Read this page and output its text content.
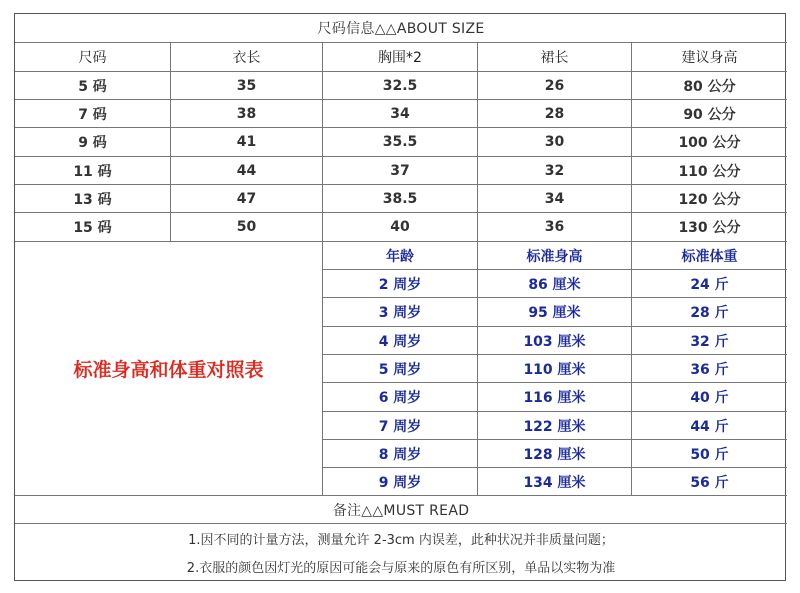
尺码信息△△ABOUT SIZE
尺码	衣长	胸围*2	裙长	建议身高
5 码	35	32.5	26	80 公分
7 码	38	34	28	90 公分
9 码	41	35.5	30	100 公分
11 码	44	37	32	110 公分
13 码	47	38.5	34	120 公分
15 码	50	40	36	130 公分
标准身高和体重对照表
年龄	标准身高	标准体重
2 周岁	86 厘米	24 斤
3 周岁	95 厘米	28 斤
4 周岁	103 厘米	32 斤
5 周岁	110 厘米	36 斤
6 周岁	116 厘米	40 斤
7 周岁	122 厘米	44 斤
8 周岁	128 厘米	50 斤
9 周岁	134 厘米	56 斤
备注△△MUST READ
1.因不同的计量方法，测量允许 2-3cm 内误差，此种状况并非质量问题；
2.衣服的颜色因灯光的原因可能会与原来的原色有所区别，单品以实物为准
